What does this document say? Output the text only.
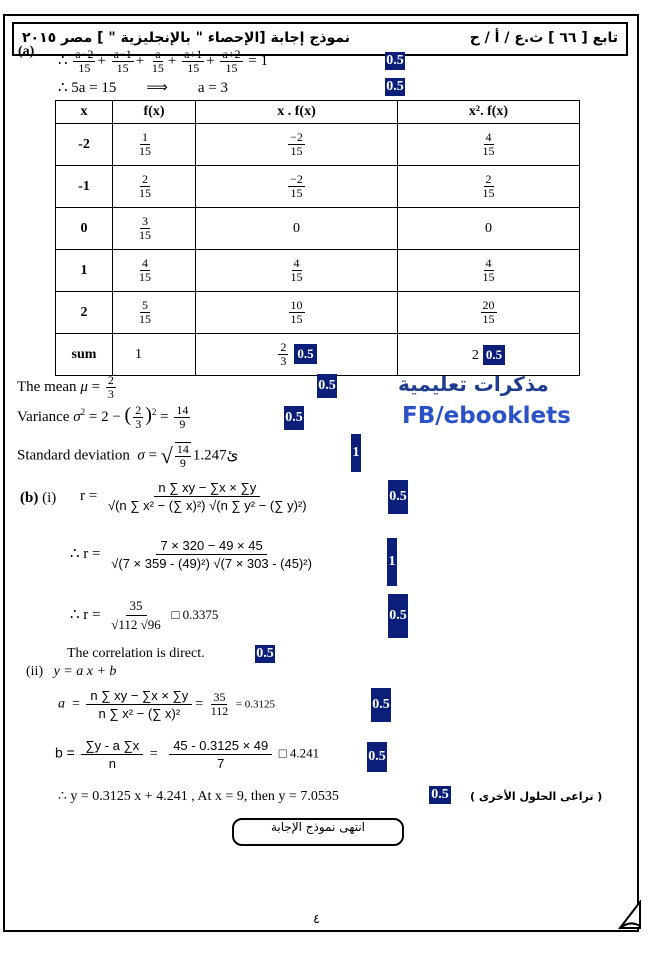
تابع [ ٦٦ ] ث.ع / أ / ح
نموذج إجابة [الإحصاء " بالإنجليزية " ] مصر ٢٠١٥
(a)
∴ $\frac{a-2}{15} + \frac{a-1}{15} + \frac{a}{15} + \frac{a+1}{15} + \frac{a+2}{15} = 1$	0.5
∴ 5a = 15        ⟹        a = 3	0.5
x	f(x)	x . f(x)	x². f(x)
-2	$\frac{1}{15}$	$\frac{-2}{15}$	$\frac{4}{15}$

-1	$\frac{2}{15}$	$\frac{-2}{15}$	$\frac{2}{15}$

0	$\frac{3}{15}$	0	0
1	$\frac{4}{15}$	$\frac{4}{15}$	$\frac{4}{15}$

2	$\frac{5}{15}$	$\frac{10}{15}$	$\frac{20}{15}$

sum	1	$\frac{2}{3} 0.5$	2 0.5
The mean $\mu = \frac{2}{3}$	0.5
Variance $\sigma^2 = 2$ − ( $\frac{2}{3} )^2 = \frac{14}{9}$	0.5
Standard deviation σ = √ $\frac{14}{9}$ ئ1.247	1
مذكرات تعليمية
FB/ebooklets
(b) (i) $r = \frac{n \sum xy - \sum x \times \sum y}{\text{√(n ∑ x² − (∑ x)²) √(n ∑ y² − (∑ y)²)}}$	0.5
∴ $r = \frac{7 \times 320 - 49 \times 45}{\text{√(7 × 359 - (49)²) √(7 × 303 - (45)²)}}$	1
∴ $r = \frac{35}{√112 √96}$ □ 0.3375	0.5
The correlation is direct.	0.5
(ii) y = a x + b
$a = \frac{n \sum xy - \sum x \times \sum y}{\text{n ∑ x² − (∑ x)²}} = \frac{35}{112} = 0.3125$	0.5
$b = \frac{\sum y - a \sum x}{n} = \frac{45 - 0.3125 \times 49}{7}$ □ 4.241	0.5
∴ y = 0.3125 x + 4.241 , At x = 9, then y = 7.0535	0.5 ( تراعى الحلول الأخرى )
انتهى نموذج الإجابة
٤
